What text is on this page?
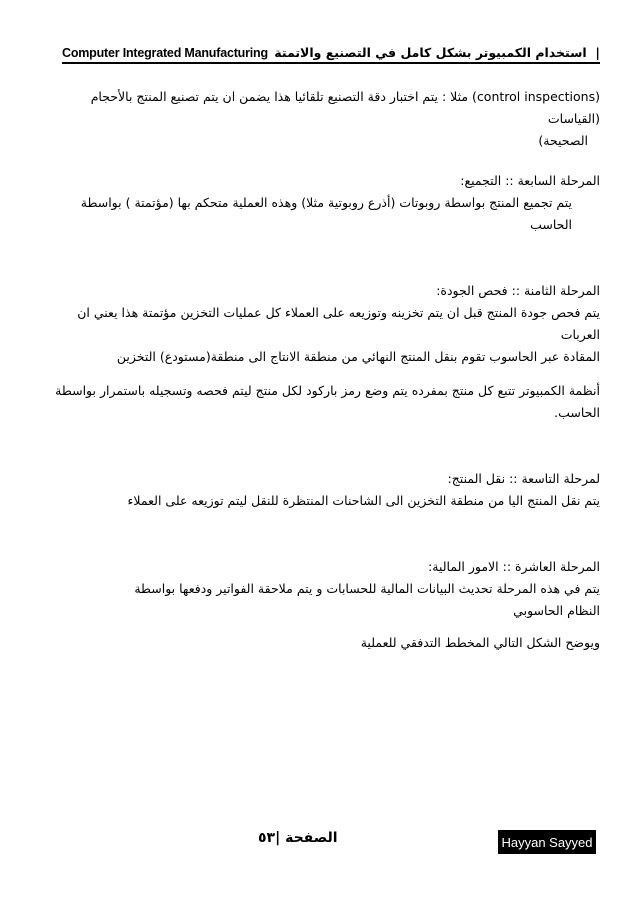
Computer Integrated Manufacturing	|  استخدام الكمبيوتر بشكل كامل في التصنيع والاتمتة

(control inspections) مثلا : يتم اختبار دقة التصنيع تلقائيا هذا يضمن ان يتم تصنيع المنتج بالأحجام (القياسات

الصحيحة)

المرحلة السابعة :: التجميع:

يتم تجميع المنتج بواسطة روبوتات (أذرع روبوتية مثلا) وهذه العملية متحكم بها (مؤتمتة ) بواسطة الحاسب

المرحلة الثامنة :: فحص الجودة:

يتم فحص جودة المنتج قبل ان يتم تخزينه وتوزيعه على العملاء كل عمليات التخزين مؤتمتة هذا يعني ان العربات

المقادة عبر الحاسوب تقوم بنقل المنتج النهائي من منطقة الانتاج الى منطقة(مستودع) التخزين

أنظمة الكمبيوتر تتبع كل منتج بمفرده يتم وضع رمز باركود لكل منتج ليتم فحصه وتسجيله باستمرار بواسطة

الحاسب.

لمرحلة التاسعة :: نقل المنتج:

يتم نقل المنتج اليا من منطقة التخزين الى الشاحنات المنتظرة للنقل ليتم توزيعه على العملاء

المرحلة العاشرة :: الامور المالية:

يتم في هذه المرحلة تحديث البيانات المالية للحسابات و يتم ملاحقة الفواتير ودفعها بواسطة

النظام الحاسوبي

ويوضح الشكل التالي المخطط التدفقي للعملية

Hayyan Sayyed
الصفحة |٥٣
